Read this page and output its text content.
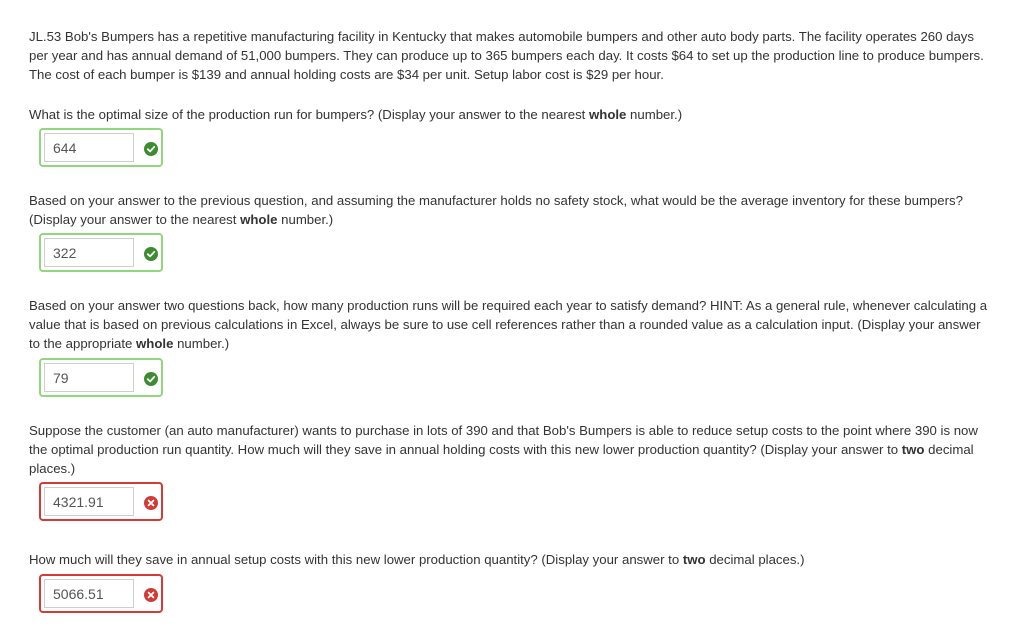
JL.53 Bob's Bumpers has a repetitive manufacturing facility in Kentucky that makes automobile bumpers and other auto body parts. The facility operates 260 days per year and has annual demand of 51,000 bumpers. They can produce up to 365 bumpers each day. It costs $64 to set up the production line to produce bumpers. The cost of each bumper is $139 and annual holding costs are $34 per unit. Setup labor cost is $29 per hour.

What is the optimal size of the production run for bumpers? (Display your answer to the nearest whole number.)

644

Based on your answer to the previous question, and assuming the manufacturer holds no safety stock, what would be the average inventory for these bumpers? (Display your answer to the nearest whole number.)

322

Based on your answer two questions back, how many production runs will be required each year to satisfy demand? HINT: As a general rule, whenever calculating a value that is based on previous calculations in Excel, always be sure to use cell references rather than a rounded value as a calculation input. (Display your answer to the appropriate whole number.)

79

Suppose the customer (an auto manufacturer) wants to purchase in lots of 390 and that Bob's Bumpers is able to reduce setup costs to the point where 390 is now the optimal production run quantity. How much will they save in annual holding costs with this new lower production quantity? (Display your answer to two decimal places.)

4321.91

How much will they save in annual setup costs with this new lower production quantity? (Display your answer to two decimal places.)

5066.51
